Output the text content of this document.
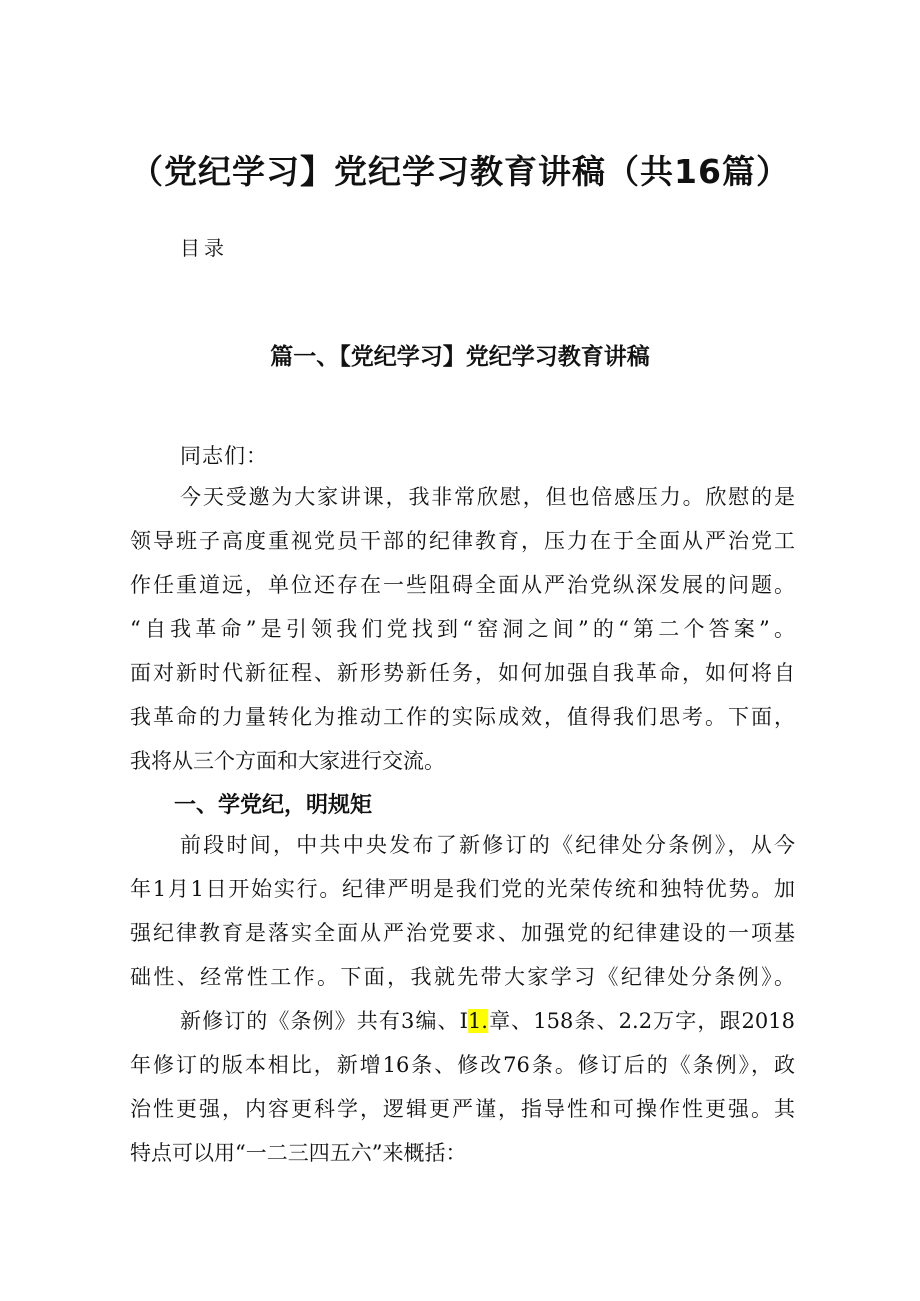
（党纪学习】党纪学习教育讲稿（共16篇）
目录
篇一、【党纪学习】党纪学习教育讲稿
同志们：
今天受邀为大家讲课，我非常欣慰，但也倍感压力。欣慰的是
领导班子高度重视党员干部的纪律教育，压力在于全面从严治党工
作任重道远，单位还存在一些阻碍全面从严治党纵深发展的问题。
“自我革命”是引领我们党找到“窑洞之间”的“第二个答案”。
面对新时代新征程、新形势新任务，如何加强自我革命，如何将自
我革命的力量转化为推动工作的实际成效，值得我们思考。下面，
我将从三个方面和大家进行交流。
一、学党纪，明规矩
前段时间，中共中央发布了新修订的《纪律处分条例》，从今
年1月1日开始实行。纪律严明是我们党的光荣传统和独特优势。加
强纪律教育是落实全面从严治党要求、加强党的纪律建设的一项基
础性、经常性工作。下面，我就先带大家学习《纪律处分条例》。
新修订的《条例》共有3编、I1.章、158条、2.2万字，跟2018
年修订的版本相比，新增16条、修改76条。修订后的《条例》，政
治性更强，内容更科学，逻辑更严谨，指导性和可操作性更强。其
特点可以用“一二三四五六”来概括：
